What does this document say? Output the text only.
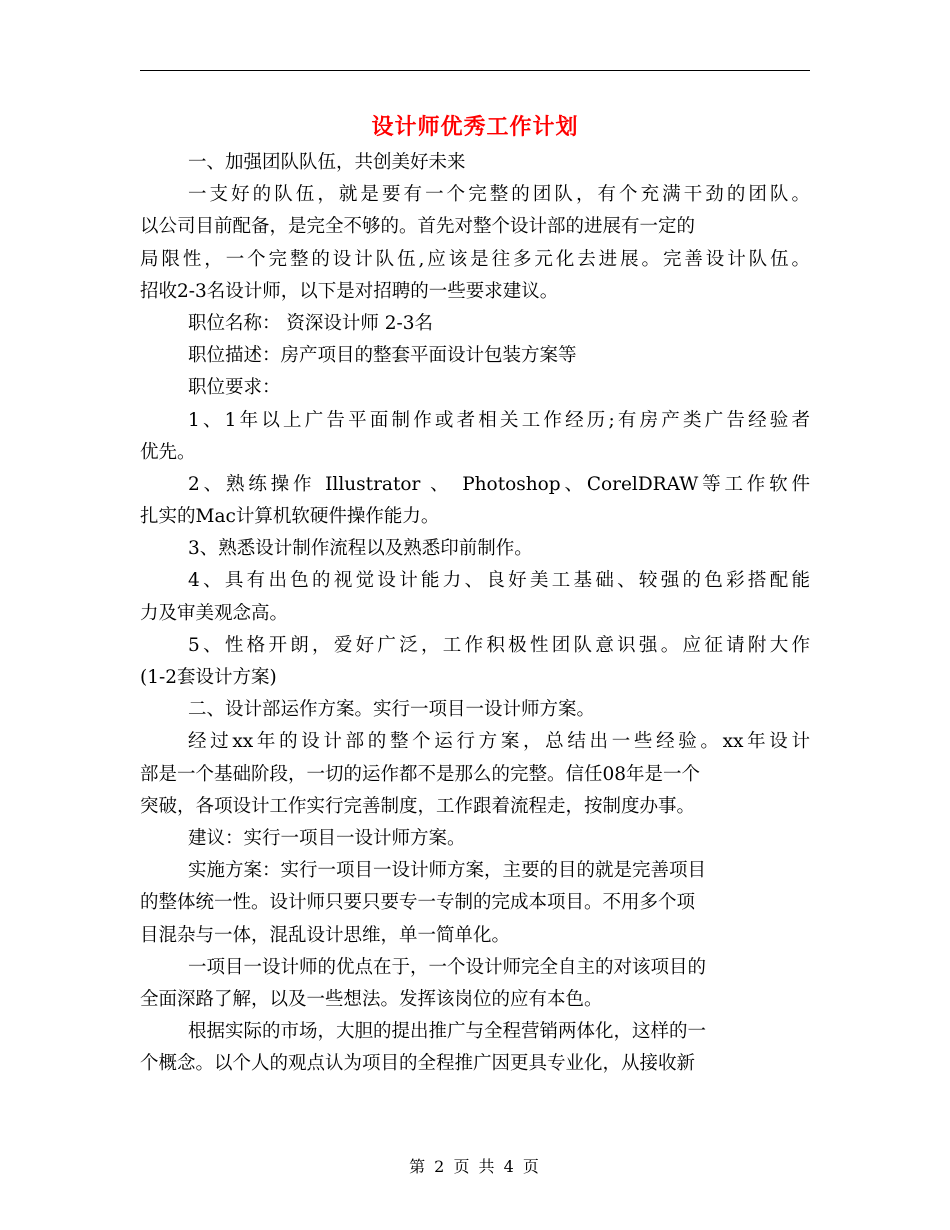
设计师优秀工作计划
一、加强团队队伍，共创美好未来
一支好的队伍，就是要有一个完整的团队，有个充满干劲的团队。
以公司目前配备，是完全不够的。首先对整个设计部的进展有一定的
局限性，一个完整的设计队伍,应该是往多元化去进展。完善设计队伍。
招收2-3名设计师，以下是对招聘的一些要求建议。
职位名称： 资深设计师 2-3名
职位描述：房产项目的整套平面设计包装方案等
职位要求：
1、1年以上广告平面制作或者相关工作经历;有房产类广告经验者
优先。
2、熟练操作 Illustrator 、 Photoshop、CorelDRAW等工作软件
扎实的Mac计算机软硬件操作能力。
3、熟悉设计制作流程以及熟悉印前制作。
4、具有出色的视觉设计能力、良好美工基础、较强的色彩搭配能
力及审美观念高。
5、性格开朗，爱好广泛，工作积极性团队意识强。应征请附大作
(1-2套设计方案)
二、设计部运作方案。实行一项目一设计师方案。
经过xx年的设计部的整个运行方案，总结出一些经验。xx年设计
部是一个基础阶段，一切的运作都不是那么的完整。信任08年是一个
突破，各项设计工作实行完善制度，工作跟着流程走，按制度办事。
建议：实行一项目一设计师方案。
实施方案：实行一项目一设计师方案，主要的目的就是完善项目
的整体统一性。设计师只要只要专一专制的完成本项目。不用多个项
目混杂与一体，混乱设计思维，单一简单化。
一项目一设计师的优点在于，一个设计师完全自主的对该项目的
全面深路了解，以及一些想法。发挥该岗位的应有本色。
根据实际的市场，大胆的提出推广与全程营销两体化，这样的一
个概念。以个人的观点认为项目的全程推广因更具专业化，从接收新
第 2 页 共 4 页
